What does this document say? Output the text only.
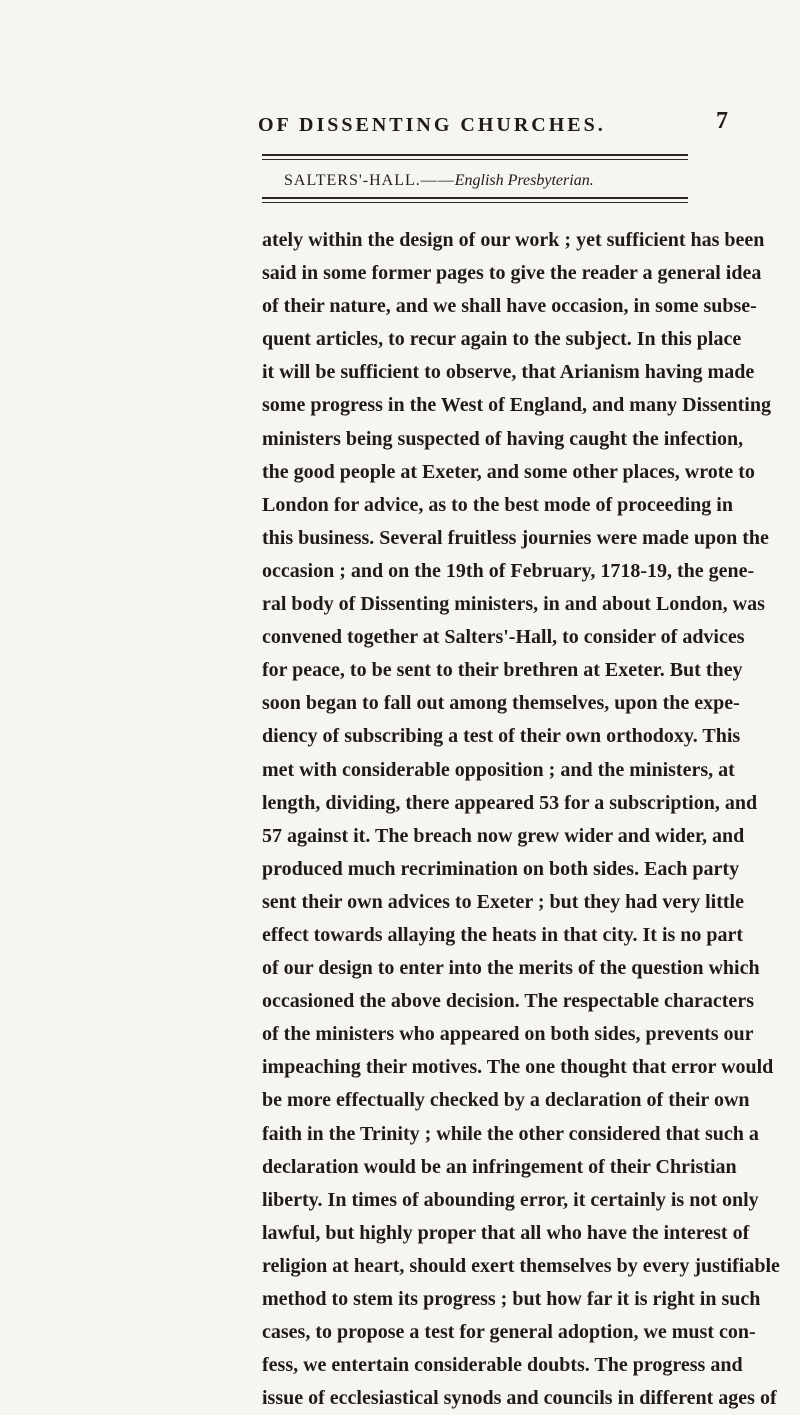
OF DISSENTING CHURCHES.	7
SALTERS'-HALL.——English Presbyterian.
ately within the design of our work ; yet sufficient has been
said in some former pages to give the reader a general idea
of their nature, and we shall have occasion, in some subse-
quent articles, to recur again to the subject. In this place
it will be sufficient to observe, that Arianism having made
some progress in the West of England, and many Dissenting
ministers being suspected of having caught the infection,
the good people at Exeter, and some other places, wrote to
London for advice, as to the best mode of proceeding in
this business. Several fruitless journies were made upon the
occasion ; and on the 19th of February, 1718-19, the gene-
ral body of Dissenting ministers, in and about London, was
convened together at Salters'-Hall, to consider of advices
for peace, to be sent to their brethren at Exeter. But they
soon began to fall out among themselves, upon the expe-
diency of subscribing a test of their own orthodoxy. This
met with considerable opposition ; and the ministers, at
length, dividing, there appeared 53 for a subscription, and
57 against it. The breach now grew wider and wider, and
produced much recrimination on both sides. Each party
sent their own advices to Exeter ; but they had very little
effect towards allaying the heats in that city. It is no part
of our design to enter into the merits of the question which
occasioned the above decision. The respectable characters
of the ministers who appeared on both sides, prevents our
impeaching their motives. The one thought that error would
be more effectually checked by a declaration of their own
faith in the Trinity ; while the other considered that such a
declaration would be an infringement of their Christian
liberty. In times of abounding error, it certainly is not only
lawful, but highly proper that all who have the interest of
religion at heart, should exert themselves by every justifiable
method to stem its progress ; but how far it is right in such
cases, to propose a test for general adoption, we must con-
fess, we entertain considerable doubts. The progress and
issue of ecclesiastical synods and councils in different ages of
